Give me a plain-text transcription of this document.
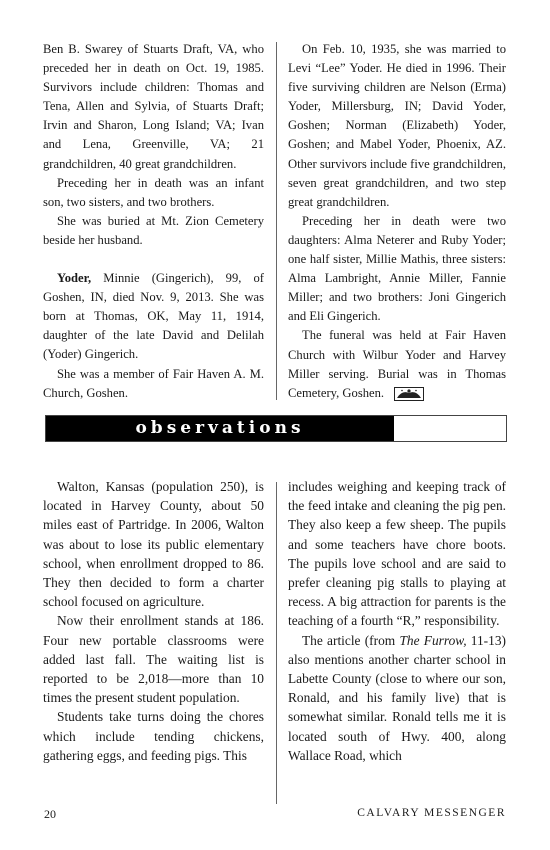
Ben B. Swarey of Stuarts Draft, VA, who preceded her in death on Oct. 19, 1985. Survivors include children: Thomas and Tena, Allen and Sylvia, of Stuarts Draft; Irvin and Sharon, Long Island; VA; Ivan and Lena, Greenville, VA; 21 grandchildren, 40 great grandchildren.

Preceding her in death was an infant son, two sisters, and two brothers.

She was buried at Mt. Zion Cemetery beside her husband.

Yoder, Minnie (Gingerich), 99, of Goshen, IN, died Nov. 9, 2013. She was born at Thomas, OK, May 11, 1914, daughter of the late David and Delilah (Yoder) Gingerich.

She was a member of Fair Haven A. M. Church, Goshen.

On Feb. 10, 1935, she was married to Levi “Lee” Yoder. He died in 1996. Their five surviving children are Nelson (Erma) Yoder, Millersburg, IN; David Yoder, Goshen; Norman (Elizabeth) Yoder, Goshen; and Mabel Yoder, Phoenix, AZ. Other survivors include five grandchildren, seven great grandchildren, and two step great grandchildren.

Preceding her in death were two daughters: Alma Neterer and Ruby Yoder; one half sister, Millie Mathis, three sisters: Alma Lambright, Annie Miller, Fannie Miller; and two brothers: Joni Gingerich and Eli Gingerich.

The funeral was held at Fair Haven Church with Wilbur Yoder and Harvey Miller serving. Burial was in Thomas Cemetery, Goshen.

observations

Walton, Kansas (population 250), is located in Harvey County, about 50 miles east of Partridge. In 2006, Walton was about to lose its public elementary school, when enrollment dropped to 86. They then decided to form a charter school focused on agriculture.

Now their enrollment stands at 186. Four new portable classrooms were added last fall. The waiting list is reported to be 2,018—more than 10 times the present student population.

Students take turns doing the chores which include tending chickens, gathering eggs, and feeding pigs. This

includes weighing and keeping track of the feed intake and cleaning the pig pen. They also keep a few sheep. The pupils and some teachers have chore boots. The pupils love school and are said to prefer cleaning pig stalls to playing at recess. A big attraction for parents is the teaching of a fourth “R,” responsibility.

The article (from The Furrow, 11-13) also mentions another charter school in Labette County (close to where our son, Ronald, and his family live) that is somewhat similar. Ronald tells me it is located south of Hwy. 400, along Wallace Road, which

20	CALVARY MESSENGER
